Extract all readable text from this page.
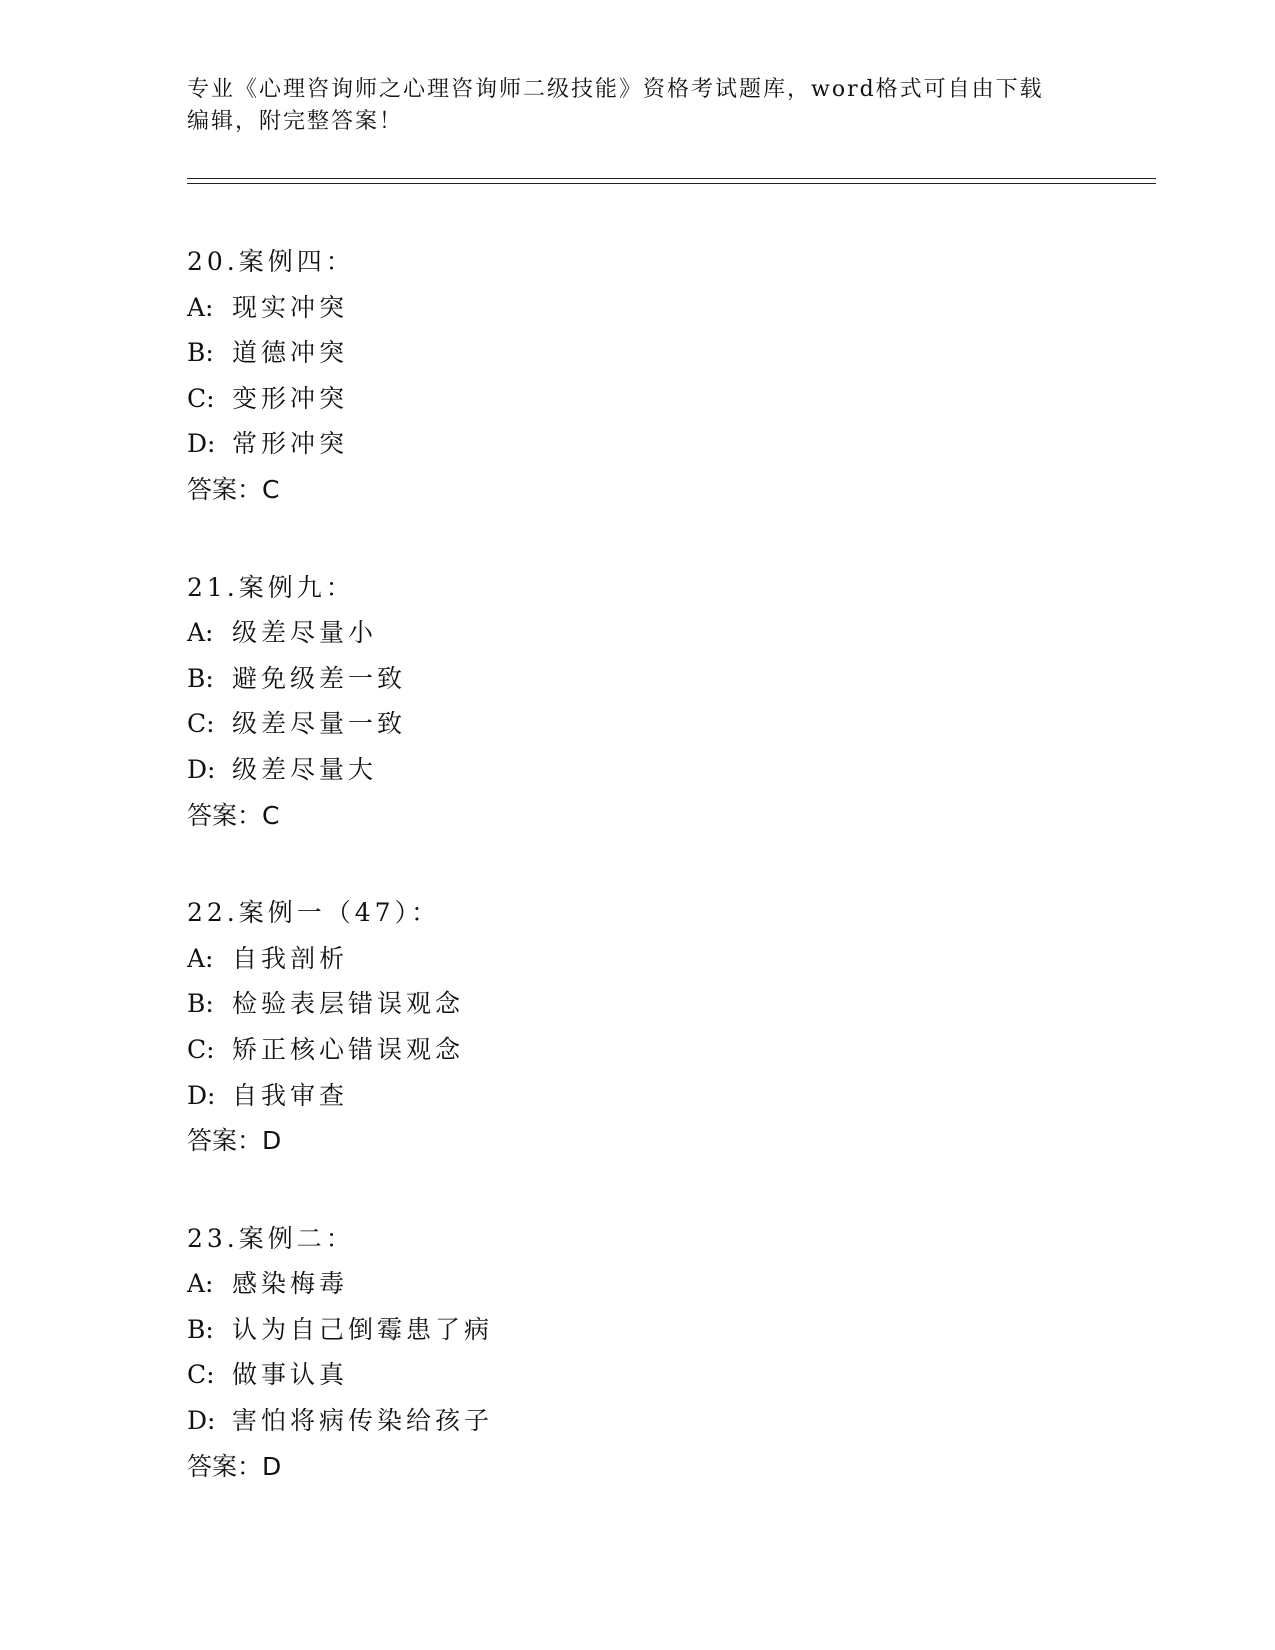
专业《心理咨询师之心理咨询师二级技能》资格考试题库，word格式可自由下载
编辑，附完整答案！
20.案例四：
A: 现实冲突
B: 道德冲突
C: 变形冲突
D: 常形冲突
答案：C
21.案例九：
A: 级差尽量小
B: 避免级差一致
C: 级差尽量一致
D: 级差尽量大
答案：C
22.案例一（47）：
A: 自我剖析
B: 检验表层错误观念
C: 矫正核心错误观念
D: 自我审查
答案：D
23.案例二：
A: 感染梅毒
B: 认为自己倒霉患了病
C: 做事认真
D: 害怕将病传染给孩子
答案：D
